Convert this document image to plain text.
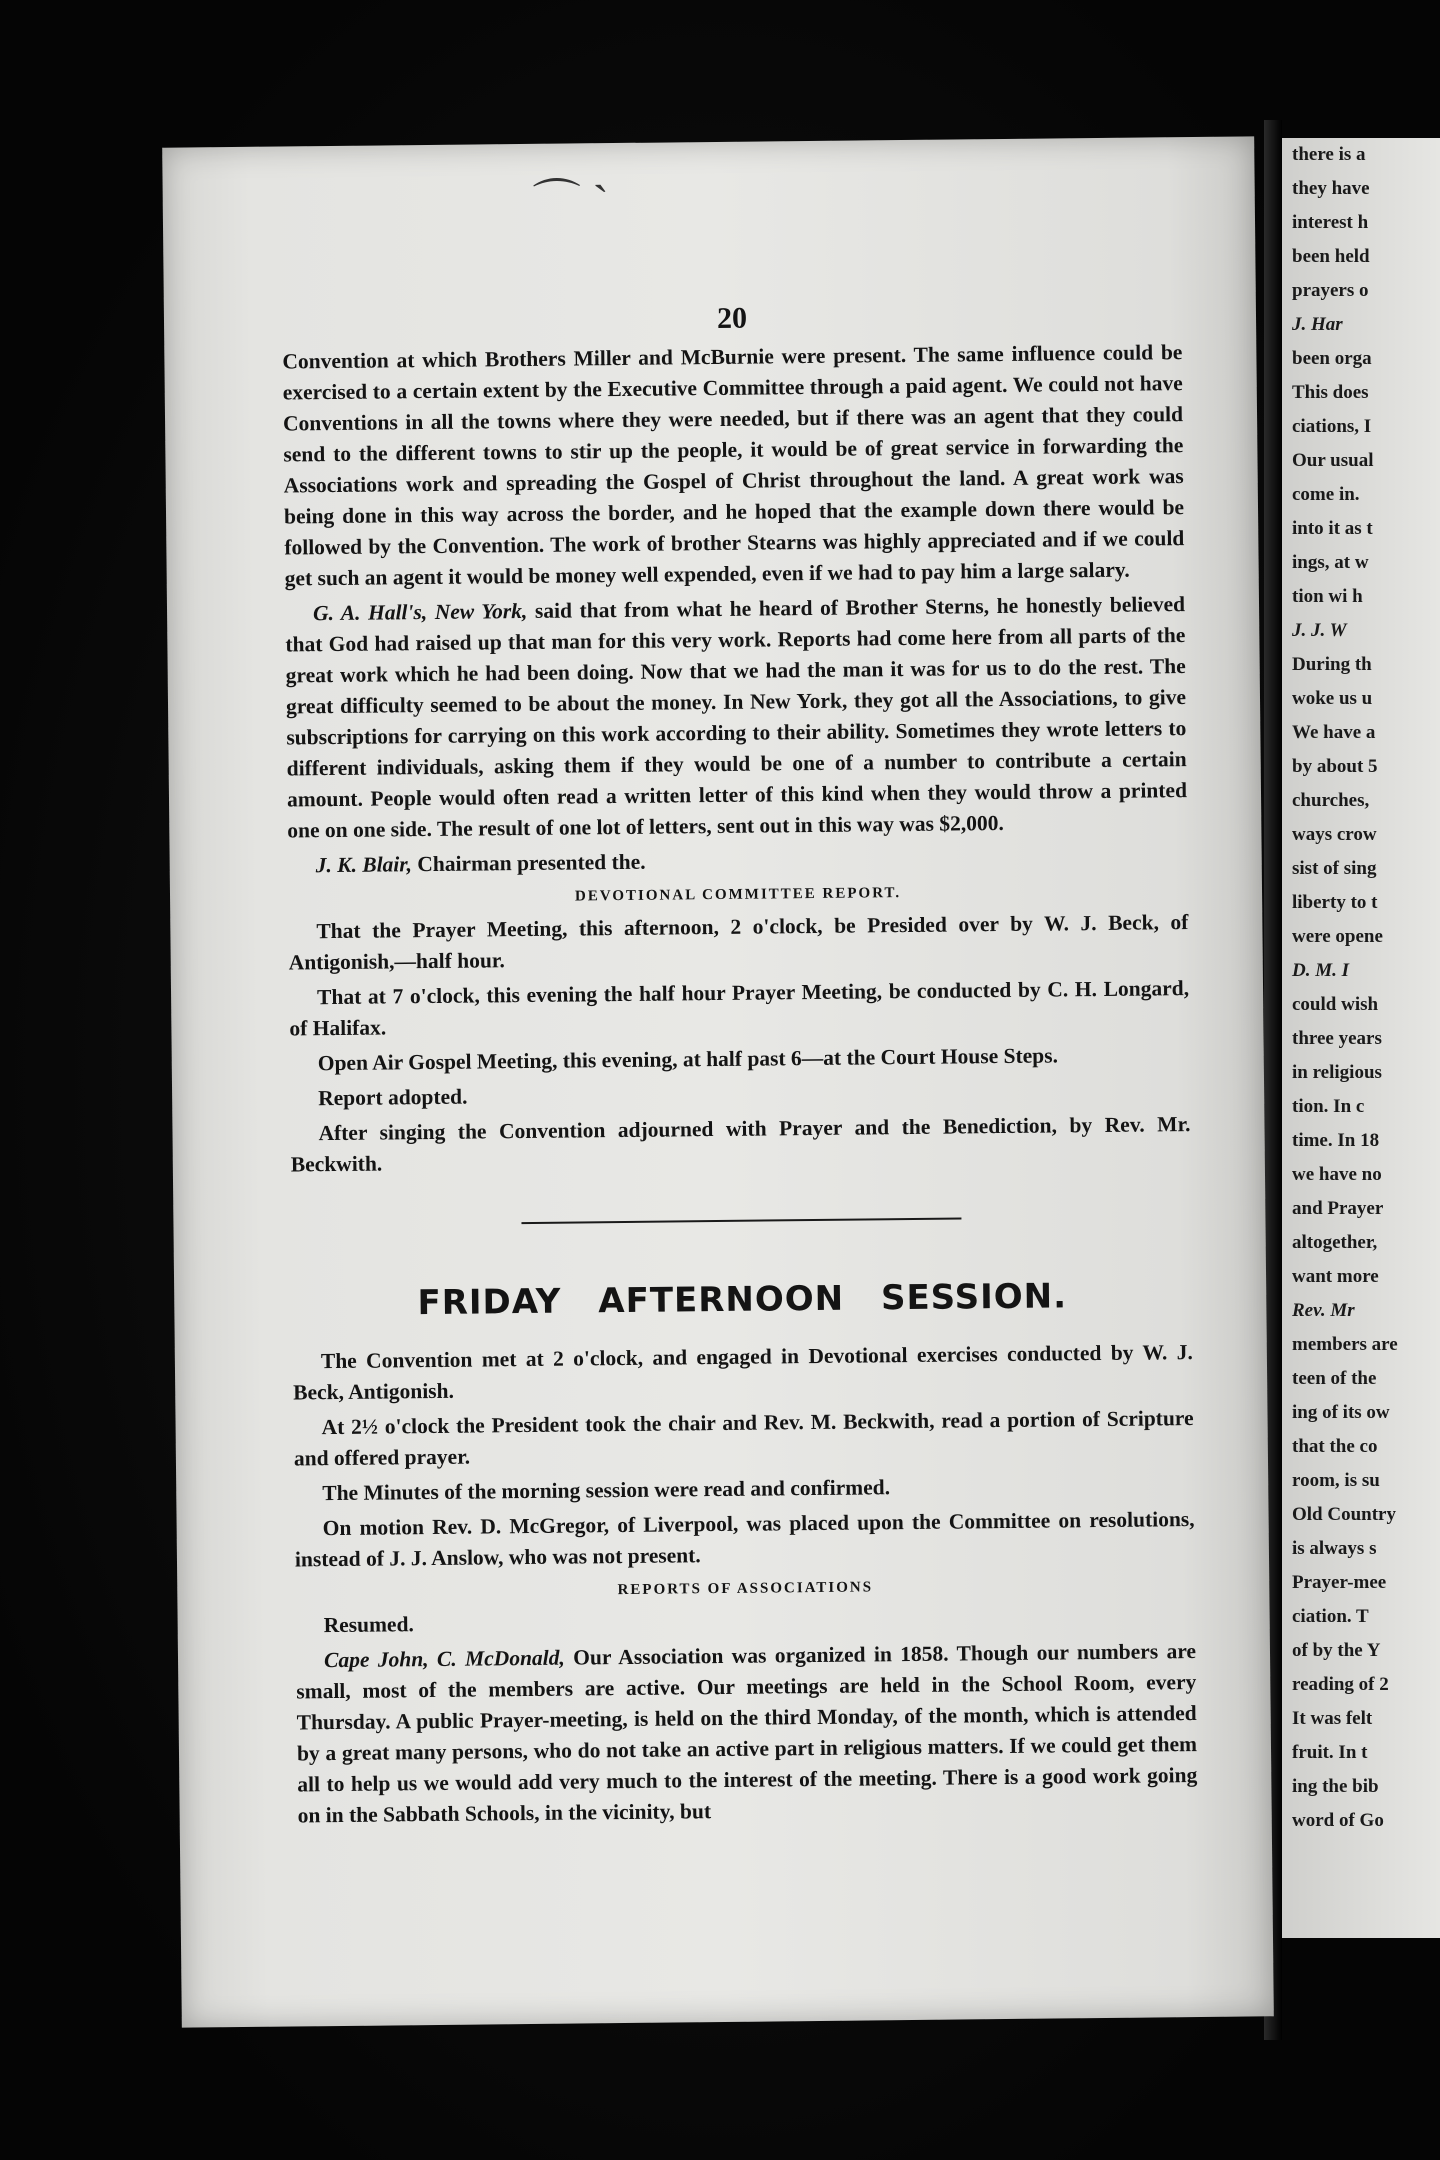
there is a
they have
interest h
been held
prayers o
J. Har
been orga
This does
ciations, I
Our usual
come in.
into it as t
ings, at w
tion wi h
J. J. W
During th
woke us u
We have a
by about 5
churches,
ways crow
sist of sing
liberty to t
were opene
D. M. I
could wish
three years
in religious
tion. In c
time. In 18
we have no
and Prayer
altogether,
want more
Rev. Mr
members are
teen of the
ing of its ow
that the co
room, is su
Old Country
is always s
Prayer-mee
ciation. T
of by the Y
reading of 2
It was felt
fruit. In t
ing the bib
word of Go
⌒ ˋ
20

Convention at which Brothers Miller and McBurnie were present. The same influence could be exercised to a certain extent by the Executive Committee through a paid agent. We could not have Conventions in all the towns where they were needed, but if there was an agent that they could send to the different towns to stir up the people, it would be of great service in forwarding the Associations work and spreading the Gospel of Christ throughout the land. A great work was being done in this way across the border, and he hoped that the example down there would be followed by the Convention. The work of brother Stearns was highly appreciated and if we could get such an agent it would be money well expended, even if we had to pay him a large salary.

G. A. Hall's, New York, said that from what he heard of Brother Sterns, he honestly believed that God had raised up that man for this very work. Reports had come here from all parts of the great work which he had been doing. Now that we had the man it was for us to do the rest. The great difficulty seemed to be about the money. In New York, they got all the Associations, to give subscriptions for carrying on this work according to their ability. Sometimes they wrote letters to different individuals, asking them if they would be one of a number to contribute a certain amount. People would often read a written letter of this kind when they would throw a printed one on one side. The result of one lot of letters, sent out in this way was $2,000.

J. K. Blair, Chairman presented the.

DEVOTIONAL COMMITTEE REPORT.

That the Prayer Meeting, this afternoon, 2 o'clock, be Presided over by W. J. Beck, of Antigonish,—half hour.

That at 7 o'clock, this evening the half hour Prayer Meeting, be conducted by C. H. Longard, of Halifax.

Open Air Gospel Meeting, this evening, at half past 6—at the Court House Steps.

Report adopted.

After singing the Convention adjourned with Prayer and the Benediction, by Rev. Mr. Beckwith.

FRIDAY AFTERNOON SESSION.

The Convention met at 2 o'clock, and engaged in Devotional exercises conducted by W. J. Beck, Antigonish.

At 2½ o'clock the President took the chair and Rev. M. Beckwith, read a portion of Scripture and offered prayer.

The Minutes of the morning session were read and confirmed.

On motion Rev. D. McGregor, of Liverpool, was placed upon the Committee on resolutions, instead of J. J. Anslow, who was not present.

REPORTS OF ASSOCIATIONS

Resumed.

Cape John, C. McDonald, Our Association was organized in 1858. Though our numbers are small, most of the members are active. Our meetings are held in the School Room, every Thursday. A public Prayer-meeting, is held on the third Monday, of the month, which is attended by a great many persons, who do not take an active part in religious matters. If we could get them all to help us we would add very much to the interest of the meeting. There is a good work going on in the Sabbath Schools, in the vicinity, but
